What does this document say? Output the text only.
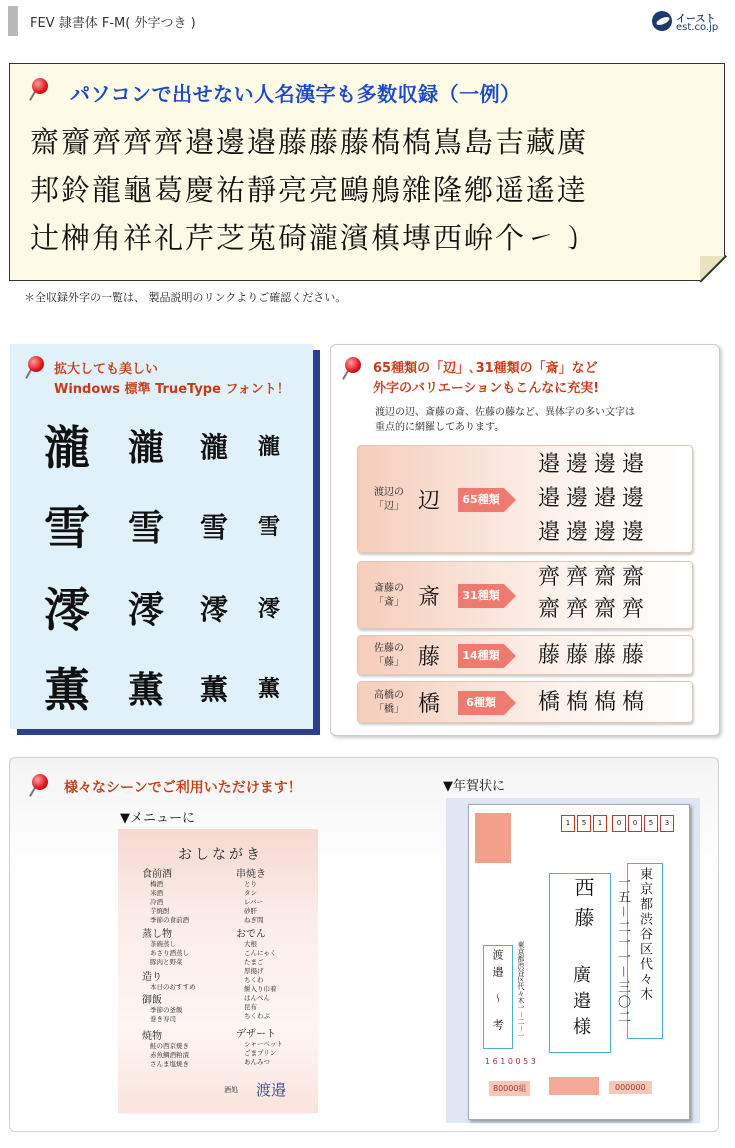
FEV 隷書体 F-M( 外字つき )	イースト
est.co.jp
パソコンで出せない人名漢字も多数収録（一例）
齋齎齊齊齊邉邊邉藤藤藤槗槗嶌島吉藏廣
邦鈴龍龜葛慶祐靜亮亮鷗鵃雜隆鄕遥遙逹
辻榊角祥礼芹芝莵碕瀧濱槙塼西峅个㇀㇁
＊全収録外字の一覧は、 製品説明のリンクよりご確認ください。
拡大しても美しい
Windows 標準 TrueType フォント！
瀧 瀧 瀧 瀧
雪 雪 雪 雪
澪 澪 澪 澪
薫 薫 薫 薫
65種類の「辺」､31種類の「斎」など
外字のバリエーションもこんなに充実!
渡辺の辺、斎藤の斎、佐藤の藤など、異体字の多い文字は
重点的に網羅してあります。
渡辺の
「辺」 辺	65種類
邉邊邊邉
邉邊邉邊
邉邊邊邊
斎藤の
「斎」 斎	31種類
齊齊齋齋
齋齊齋齊
佐藤の
「藤」 藤	14種類 藤藤藤藤
高橋の
「橋」 橋	6種類	橋槗槗槗
様々なシーンでご利用いただけます！
▼メニューに
▼年賀状に
おしながき
食前酒
梅酒
米酒
冷酒
芋焼酎
季節の食前酒
串焼き
とり
タン
レバー
砂肝
ねぎ間
蒸し物
茶碗蒸し
あさり酒蒸し
豚肉と野菜
おでん
大根
こんにゃく
たまご
厚揚げ
ちくわ
餅入り巾着
はんぺん
昆布
ちくわぶ
造り
本日のおすすめ
御飯
季節の釜飯
巻き寿司
焼物
鮭の西京焼き
赤魚鯛酒粕漬
さんま塩焼き
デザート
シャーベット
ごまプリン
あんみつ
酒処 渡邉
1	5	1	0	0	5	3
東京都渋谷区代々木
一五－二一一－三〇二
西藤
廣邉様
渡邉 ～ 考 東京都渋谷区代々木一－二－一
1 6 1 0 0 5 3
80000組	000000
